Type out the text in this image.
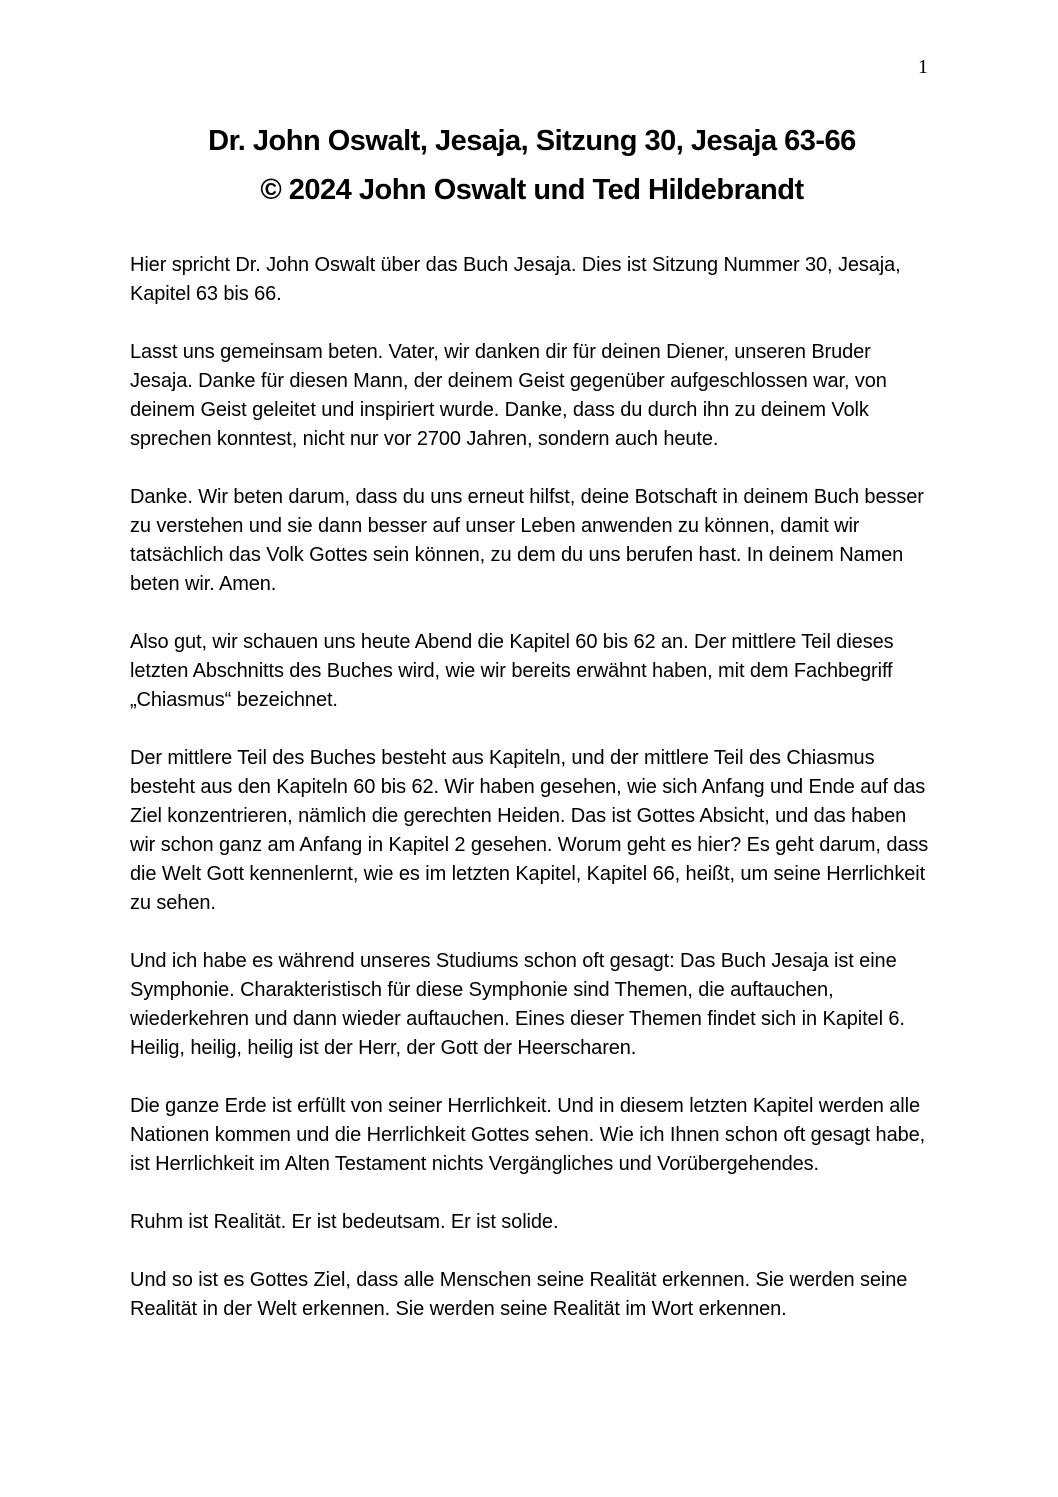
1
Dr. John Oswalt, Jesaja, Sitzung 30, Jesaja 63-66
© 2024 John Oswalt und Ted Hildebrandt

Hier spricht Dr. John Oswalt über das Buch Jesaja. Dies ist Sitzung Nummer 30, Jesaja, Kapitel 63 bis 66.

Lasst uns gemeinsam beten. Vater, wir danken dir für deinen Diener, unseren Bruder Jesaja. Danke für diesen Mann, der deinem Geist gegenüber aufgeschlossen war, von deinem Geist geleitet und inspiriert wurde. Danke, dass du durch ihn zu deinem Volk sprechen konntest, nicht nur vor 2700 Jahren, sondern auch heute.

Danke. Wir beten darum, dass du uns erneut hilfst, deine Botschaft in deinem Buch besser zu verstehen und sie dann besser auf unser Leben anwenden zu können, damit wir tatsächlich das Volk Gottes sein können, zu dem du uns berufen hast. In deinem Namen beten wir. Amen.

Also gut, wir schauen uns heute Abend die Kapitel 60 bis 62 an. Der mittlere Teil dieses letzten Abschnitts des Buches wird, wie wir bereits erwähnt haben, mit dem Fachbegriff „Chiasmus“ bezeichnet.

Der mittlere Teil des Buches besteht aus Kapiteln, und der mittlere Teil des Chiasmus besteht aus den Kapiteln 60 bis 62. Wir haben gesehen, wie sich Anfang und Ende auf das Ziel konzentrieren, nämlich die gerechten Heiden. Das ist Gottes Absicht, und das haben wir schon ganz am Anfang in Kapitel 2 gesehen. Worum geht es hier? Es geht darum, dass die Welt Gott kennenlernt, wie es im letzten Kapitel, Kapitel 66, heißt, um seine Herrlichkeit zu sehen.

Und ich habe es während unseres Studiums schon oft gesagt: Das Buch Jesaja ist eine Symphonie. Charakteristisch für diese Symphonie sind Themen, die auftauchen, wiederkehren und dann wieder auftauchen. Eines dieser Themen findet sich in Kapitel 6. Heilig, heilig, heilig ist der Herr, der Gott der Heerscharen.

Die ganze Erde ist erfüllt von seiner Herrlichkeit. Und in diesem letzten Kapitel werden alle Nationen kommen und die Herrlichkeit Gottes sehen. Wie ich Ihnen schon oft gesagt habe, ist Herrlichkeit im Alten Testament nichts Vergängliches und Vorübergehendes.

Ruhm ist Realität. Er ist bedeutsam. Er ist solide.

Und so ist es Gottes Ziel, dass alle Menschen seine Realität erkennen. Sie werden seine Realität in der Welt erkennen. Sie werden seine Realität im Wort erkennen.
